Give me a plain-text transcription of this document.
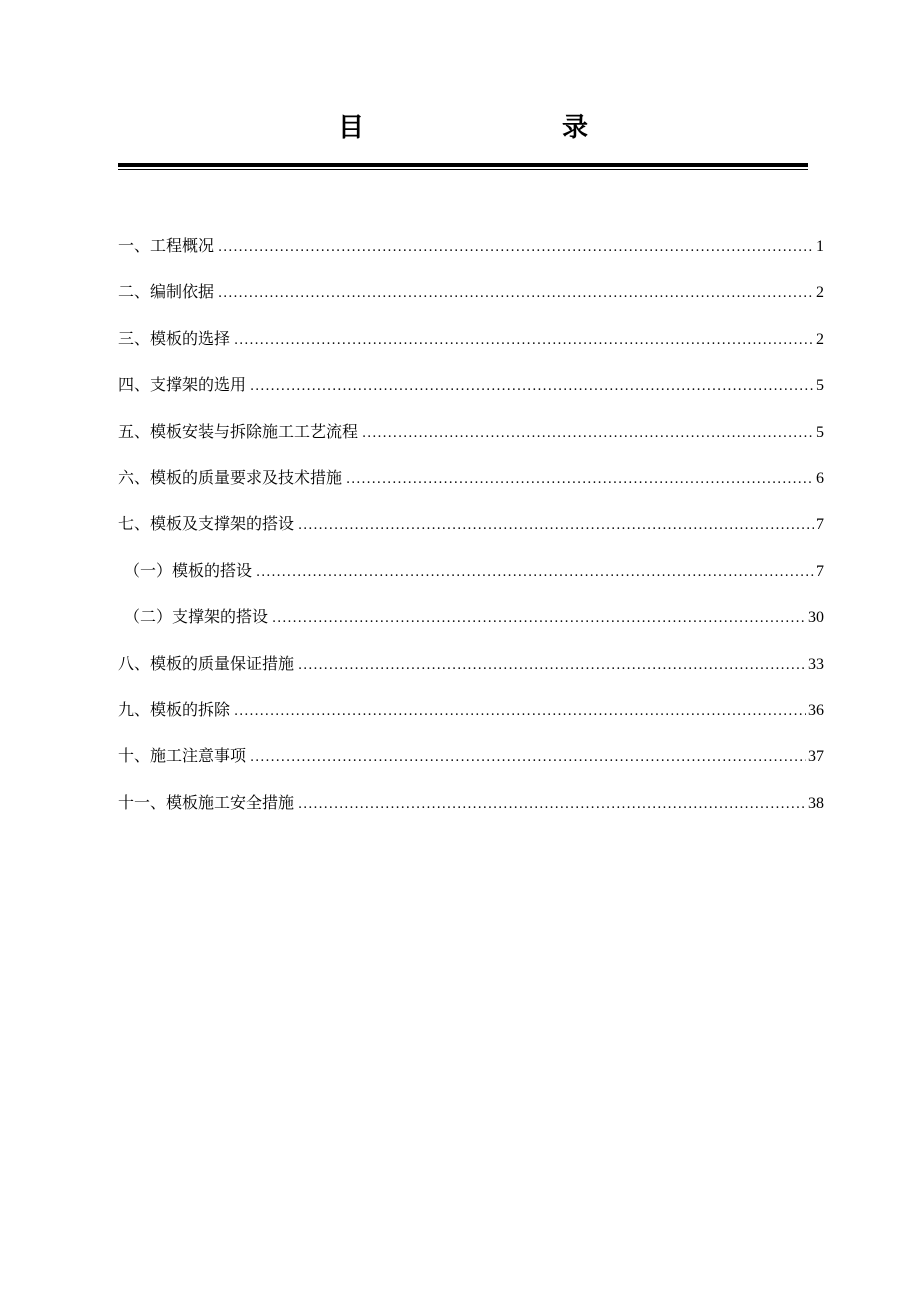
目  录
一、工程概况 .....	1
二、编制依据 .....	2
三、模板的选择 .....	2
四、支撑架的选用 .....	5
五、模板安装与拆除施工工艺流程 .....	5
六、模板的质量要求及技术措施 .....	6
七、模板及支撑架的搭设 .....	7
（一）模板的搭设 .....	7
（二）支撑架的搭设 .....	30
八、模板的质量保证措施 .....	33
九、模板的拆除 .....	36
十、施工注意事项 .....	37
十一、模板施工安全措施 .....	38
